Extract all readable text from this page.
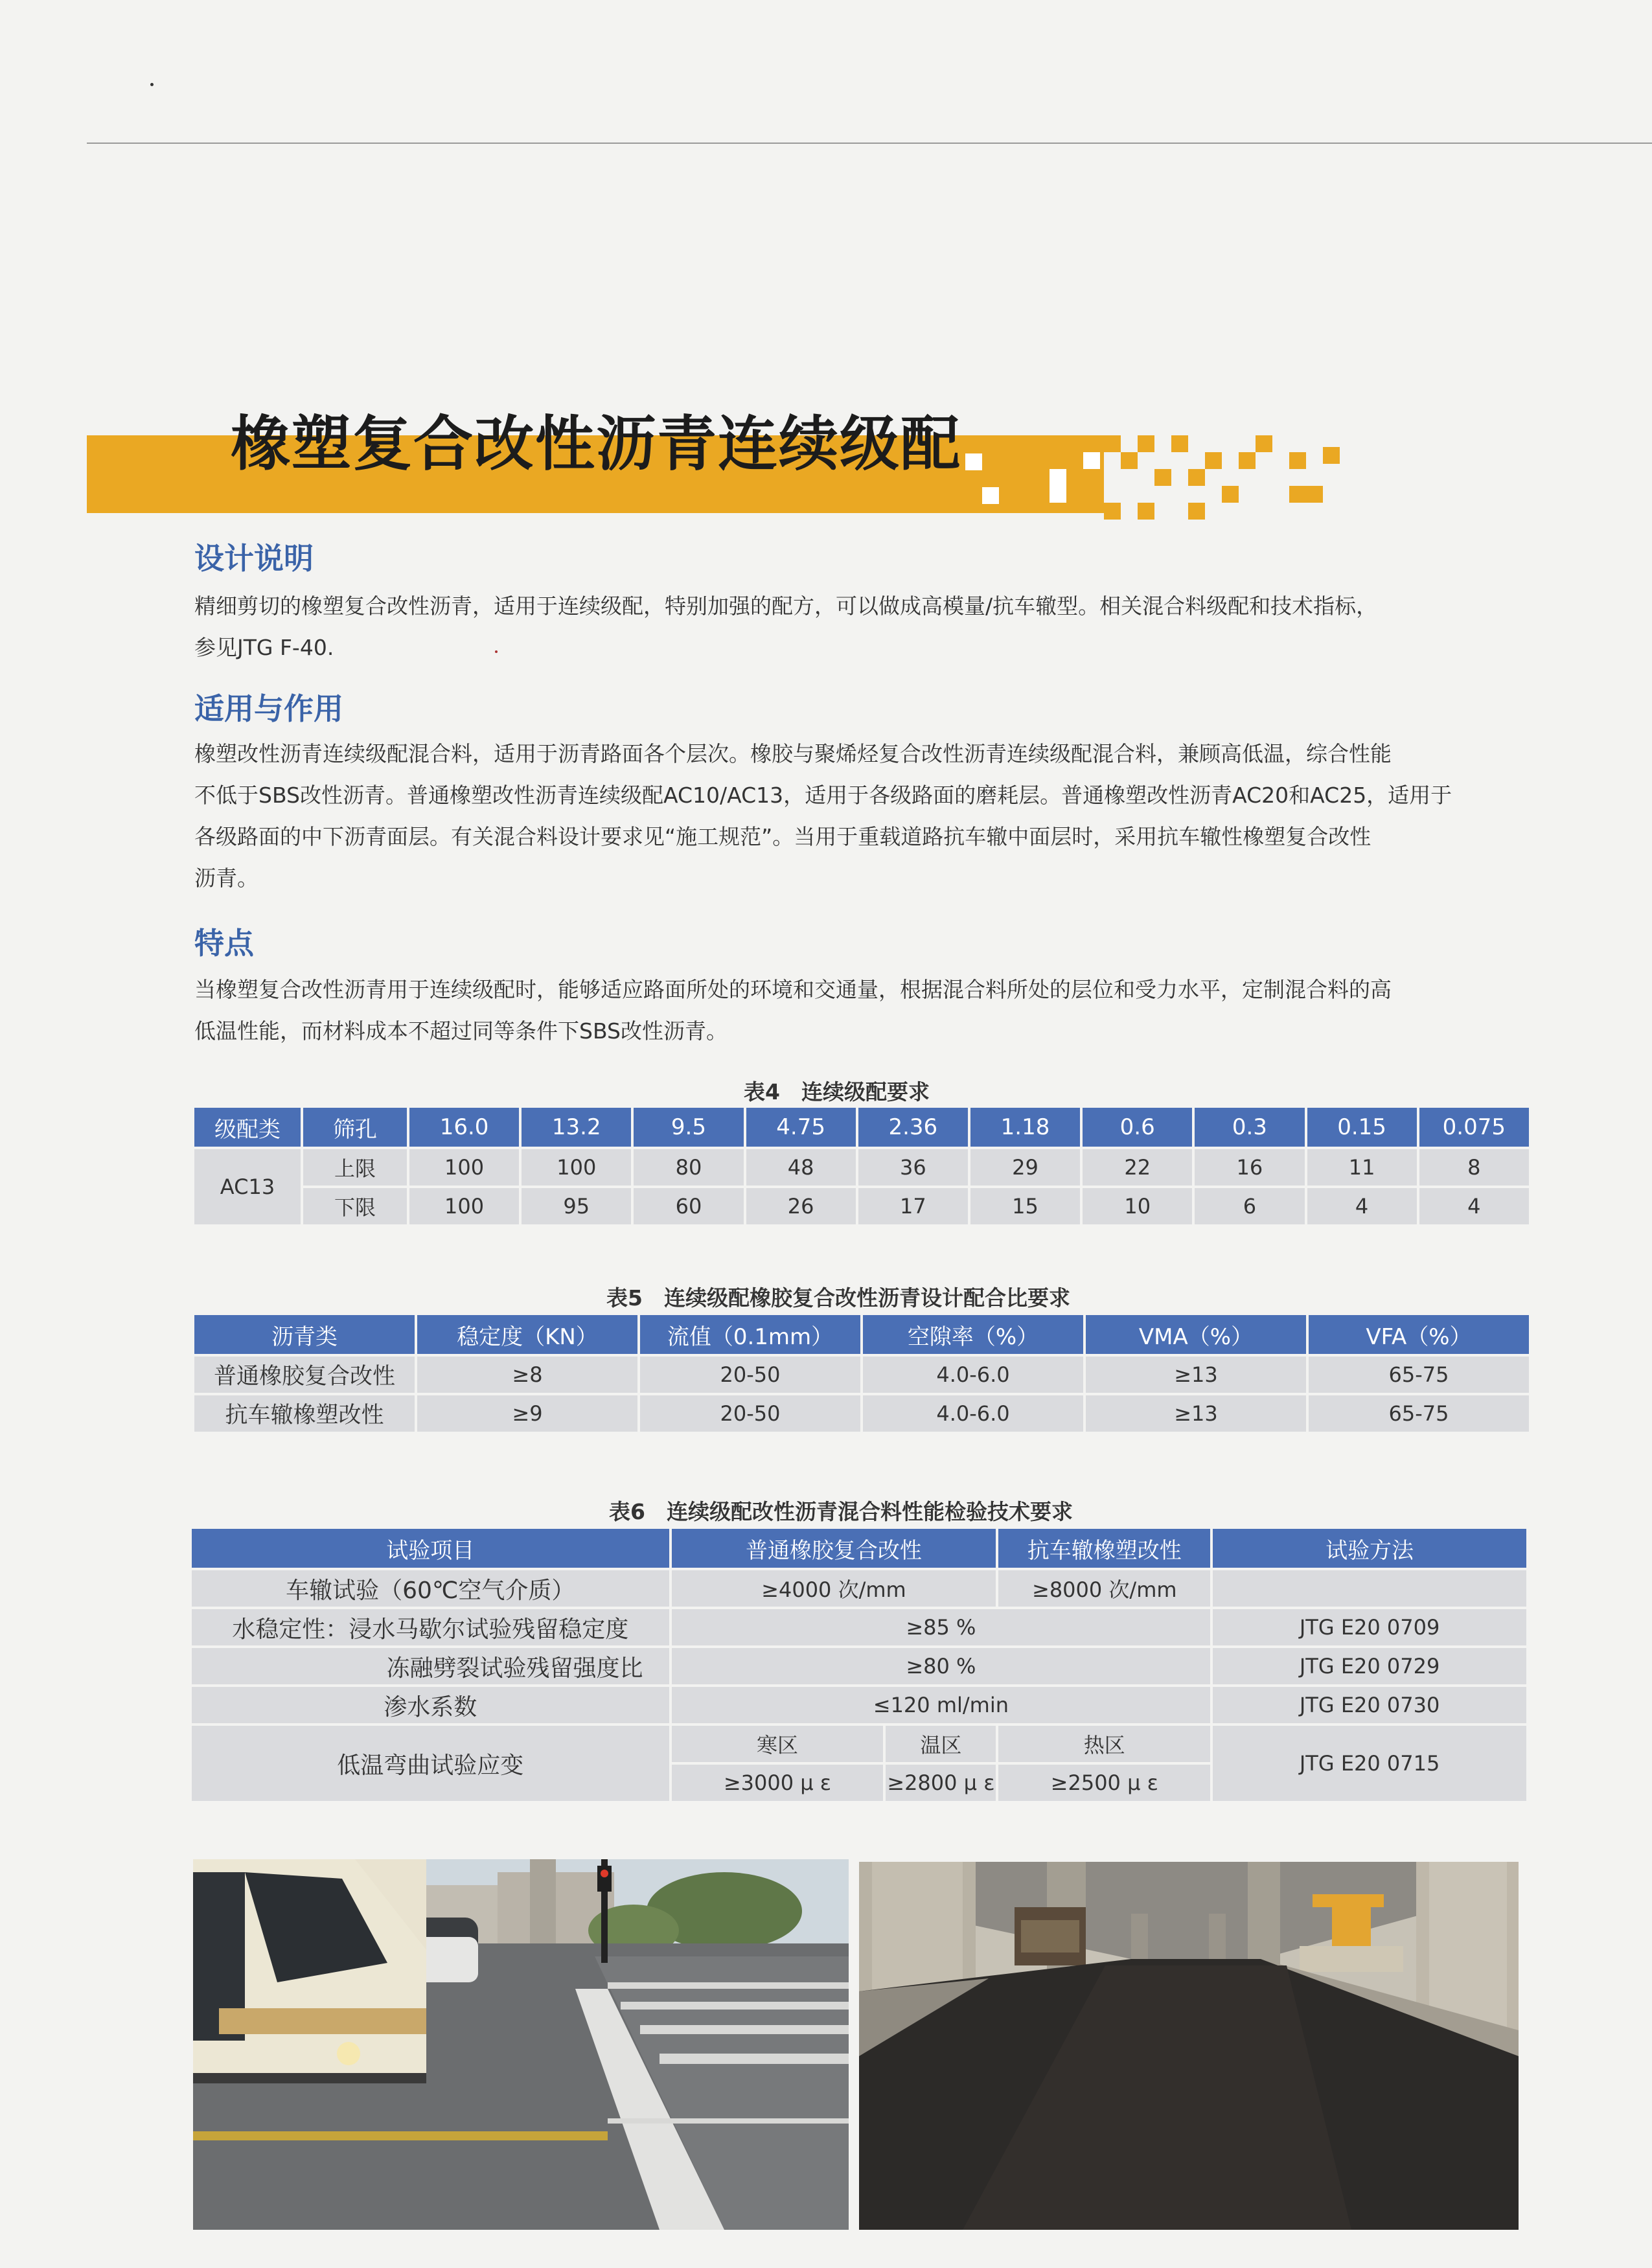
橡塑复合改性沥青连续级配
设计说明
精细剪切的橡塑复合改性沥青，适用于连续级配，特别加强的配方，可以做成高模量/抗车辙型。相关混合料级配和技术指标，
参见JTG F-40.
适用与作用
橡塑改性沥青连续级配混合料，适用于沥青路面各个层次。橡胶与聚烯烃复合改性沥青连续级配混合料，兼顾高低温，综合性能
不低于SBS改性沥青。普通橡塑改性沥青连续级配AC10/AC13，适用于各级路面的磨耗层。普通橡塑改性沥青AC20和AC25，适用于
各级路面的中下沥青面层。有关混合料设计要求见“施工规范”。当用于重载道路抗车辙中面层时，采用抗车辙性橡塑复合改性
沥青。
特点
当橡塑复合改性沥青用于连续级配时，能够适应路面所处的环境和交通量，根据混合料所处的层位和受力水平，定制混合料的高
低温性能，而材料成本不超过同等条件下SBS改性沥青。
表4　连续级配要求
级配类	筛孔	16.0	13.2	9.5	4.75	2.36	1.18	0.6	0.3	0.15	0.075
AC13	上限	100	100	80	48	36	29	22	16	11	8
	下限	100	95	60	26	17	15	10	6	4	4
表5　连续级配橡胶复合改性沥青设计配合比要求
沥青类	稳定度（KN）	流值（0.1mm）	空隙率（%）	VMA（%）	VFA（%）
普通橡胶复合改性	≥8	20-50	4.0-6.0	≥13	65-75
抗车辙橡塑改性	≥9	20-50	4.0-6.0	≥13	65-75
表6　连续级配改性沥青混合料性能检验技术要求
试验项目	普通橡胶复合改性		抗车辙橡塑改性	试验方法
车辙试验（60℃空气介质）	≥4000 次/mm		≥8000 次/mm	
水稳定性：浸水马歇尔试验残留稳定度	≥85 %			JTG E20 0709
冻融劈裂试验残留强度比	≥80 %			JTG E20 0729
渗水系数	≤120 ml/min			JTG E20 0730
低温弯曲试验应变	寒区	温区	热区	JTG E20 0715
	≥3000 μ ε	≥2800 μ ε	≥2500 μ ε	
